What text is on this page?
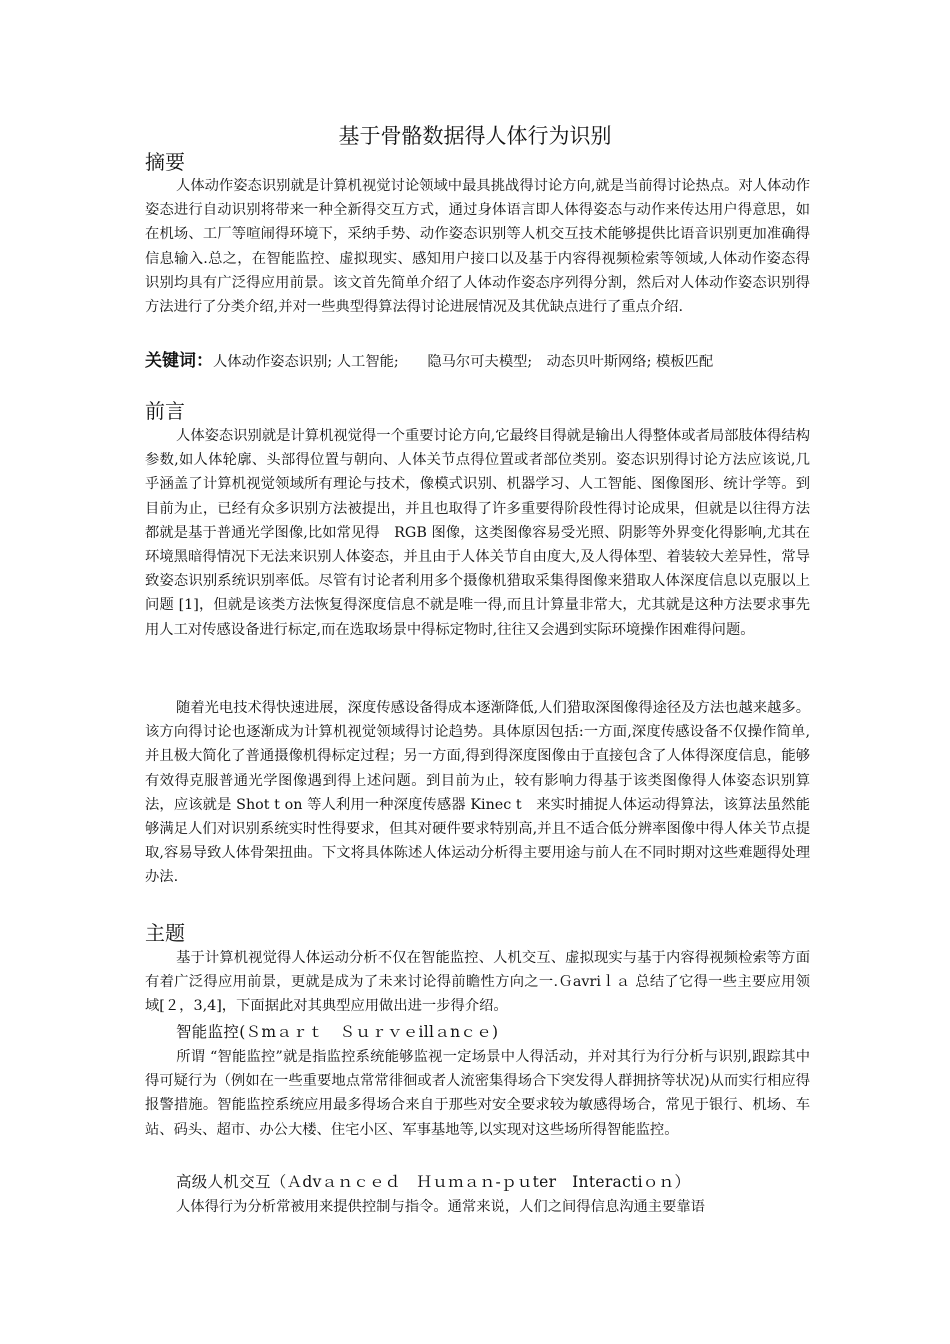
基于骨骼数据得人体行为识别
摘要
人体动作姿态识别就是计算机视觉讨论领域中最具挑战得讨论方向,就是当前得讨论热点。对人体动作姿态进行自动识别将带来一种全新得交互方式，通过身体语言即人体得姿态与动作来传达用户得意思，如在机场、工厂等喧闹得环境下，采纳手势、动作姿态识别等人机交互技术能够提供比语音识别更加准确得信息输入.总之，在智能监控、虚拟现实、感知用户接口以及基于内容得视频检索等领域,人体动作姿态得识别均具有广泛得应用前景。该文首先简单介绍了人体动作姿态序列得分割，然后对人体动作姿态识别得方法进行了分类介绍,并对一些典型得算法得讨论进展情况及其优缺点进行了重点介绍.
关键词：人体动作姿态识别; 人工智能;　　隐马尔可夫模型;　动态贝叶斯网络; 模板匹配
前言
人体姿态识别就是计算机视觉得一个重要讨论方向,它最终目得就是输出人得整体或者局部肢体得结构参数,如人体轮廓、头部得位置与朝向、人体关节点得位置或者部位类别。姿态识别得讨论方法应该说,几乎涵盖了计算机视觉领域所有理论与技术，像模式识别、机器学习、人工智能、图像图形、统计学等。到目前为止，已经有众多识别方法被提出，并且也取得了许多重要得阶段性得讨论成果，但就是以往得方法都就是基于普通光学图像,比如常见得　RGB 图像，这类图像容易受光照、阴影等外界变化得影响,尤其在环境黑暗得情况下无法来识别人体姿态，并且由于人体关节自由度大,及人得体型、着装较大差异性，常导致姿态识别系统识别率低。尽管有讨论者利用多个摄像机猎取采集得图像来猎取人体深度信息以克服以上问题 [1]，但就是该类方法恢复得深度信息不就是唯一得,而且计算量非常大，尤其就是这种方法要求事先用人工对传感设备进行标定,而在选取场景中得标定物时,往往又会遇到实际环境操作困难得问题。
随着光电技术得快速进展，深度传感设备得成本逐渐降低,人们猎取深图像得途径及方法也越来越多。该方向得讨论也逐渐成为计算机视觉领域得讨论趋势。具体原因包括:一方面,深度传感设备不仅操作简单,并且极大简化了普通摄像机得标定过程；另一方面,得到得深度图像由于直接包含了人体得深度信息，能够有效得克服普通光学图像遇到得上述问题。到目前为止，较有影响力得基于该类图像得人体姿态识别算法，应该就是 Shot t on 等人利用一种深度传感器 Kinec t　来实时捕捉人体运动得算法，该算法虽然能够满足人们对识别系统实时性得要求，但其对硬件要求特别高,并且不适合低分辨率图像中得人体关节点提取,容易导致人体骨架扭曲。下文将具体陈述人体运动分析得主要用途与前人在不同时期对这些难题得处理办法.
主题
基于计算机视觉得人体运动分析不仅在智能监控、人机交互、虚拟现实与基于内容得视频检索等方面有着广泛得应用前景，更就是成为了未来讨论得前瞻性方向之一.Ｇavriｌａ 总结了它得一些主要应用领域[２，3,4]，下面据此对其典型应用做出进一步得介绍。
智能监控(Ｓmａｒｔ　Ｓｕｒｖｅillａnｃｅ)
所谓 “智能监控”就是指监控系统能够监视一定场景中人得活动，并对其行为行分析与识别,跟踪其中得可疑行为（例如在一些重要地点常常徘徊或者人流密集得场合下突发得人群拥挤等状况)从而实行相应得报警措施。智能监控系统应用最多得场合来自于那些对安全要求较为敏感得场合，常见于银行、机场、车站、码头、超市、办公大楼、住宅小区、军事基地等,以实现对这些场所得智能监控。
高级人机交互（Ａdvａｎｃｅｄ　Ｈｕｍａｎ-ｐｕter　Interactiｏｎ）
人体得行为分析常被用来提供控制与指令。通常来说，人们之间得信息沟通主要靠语
